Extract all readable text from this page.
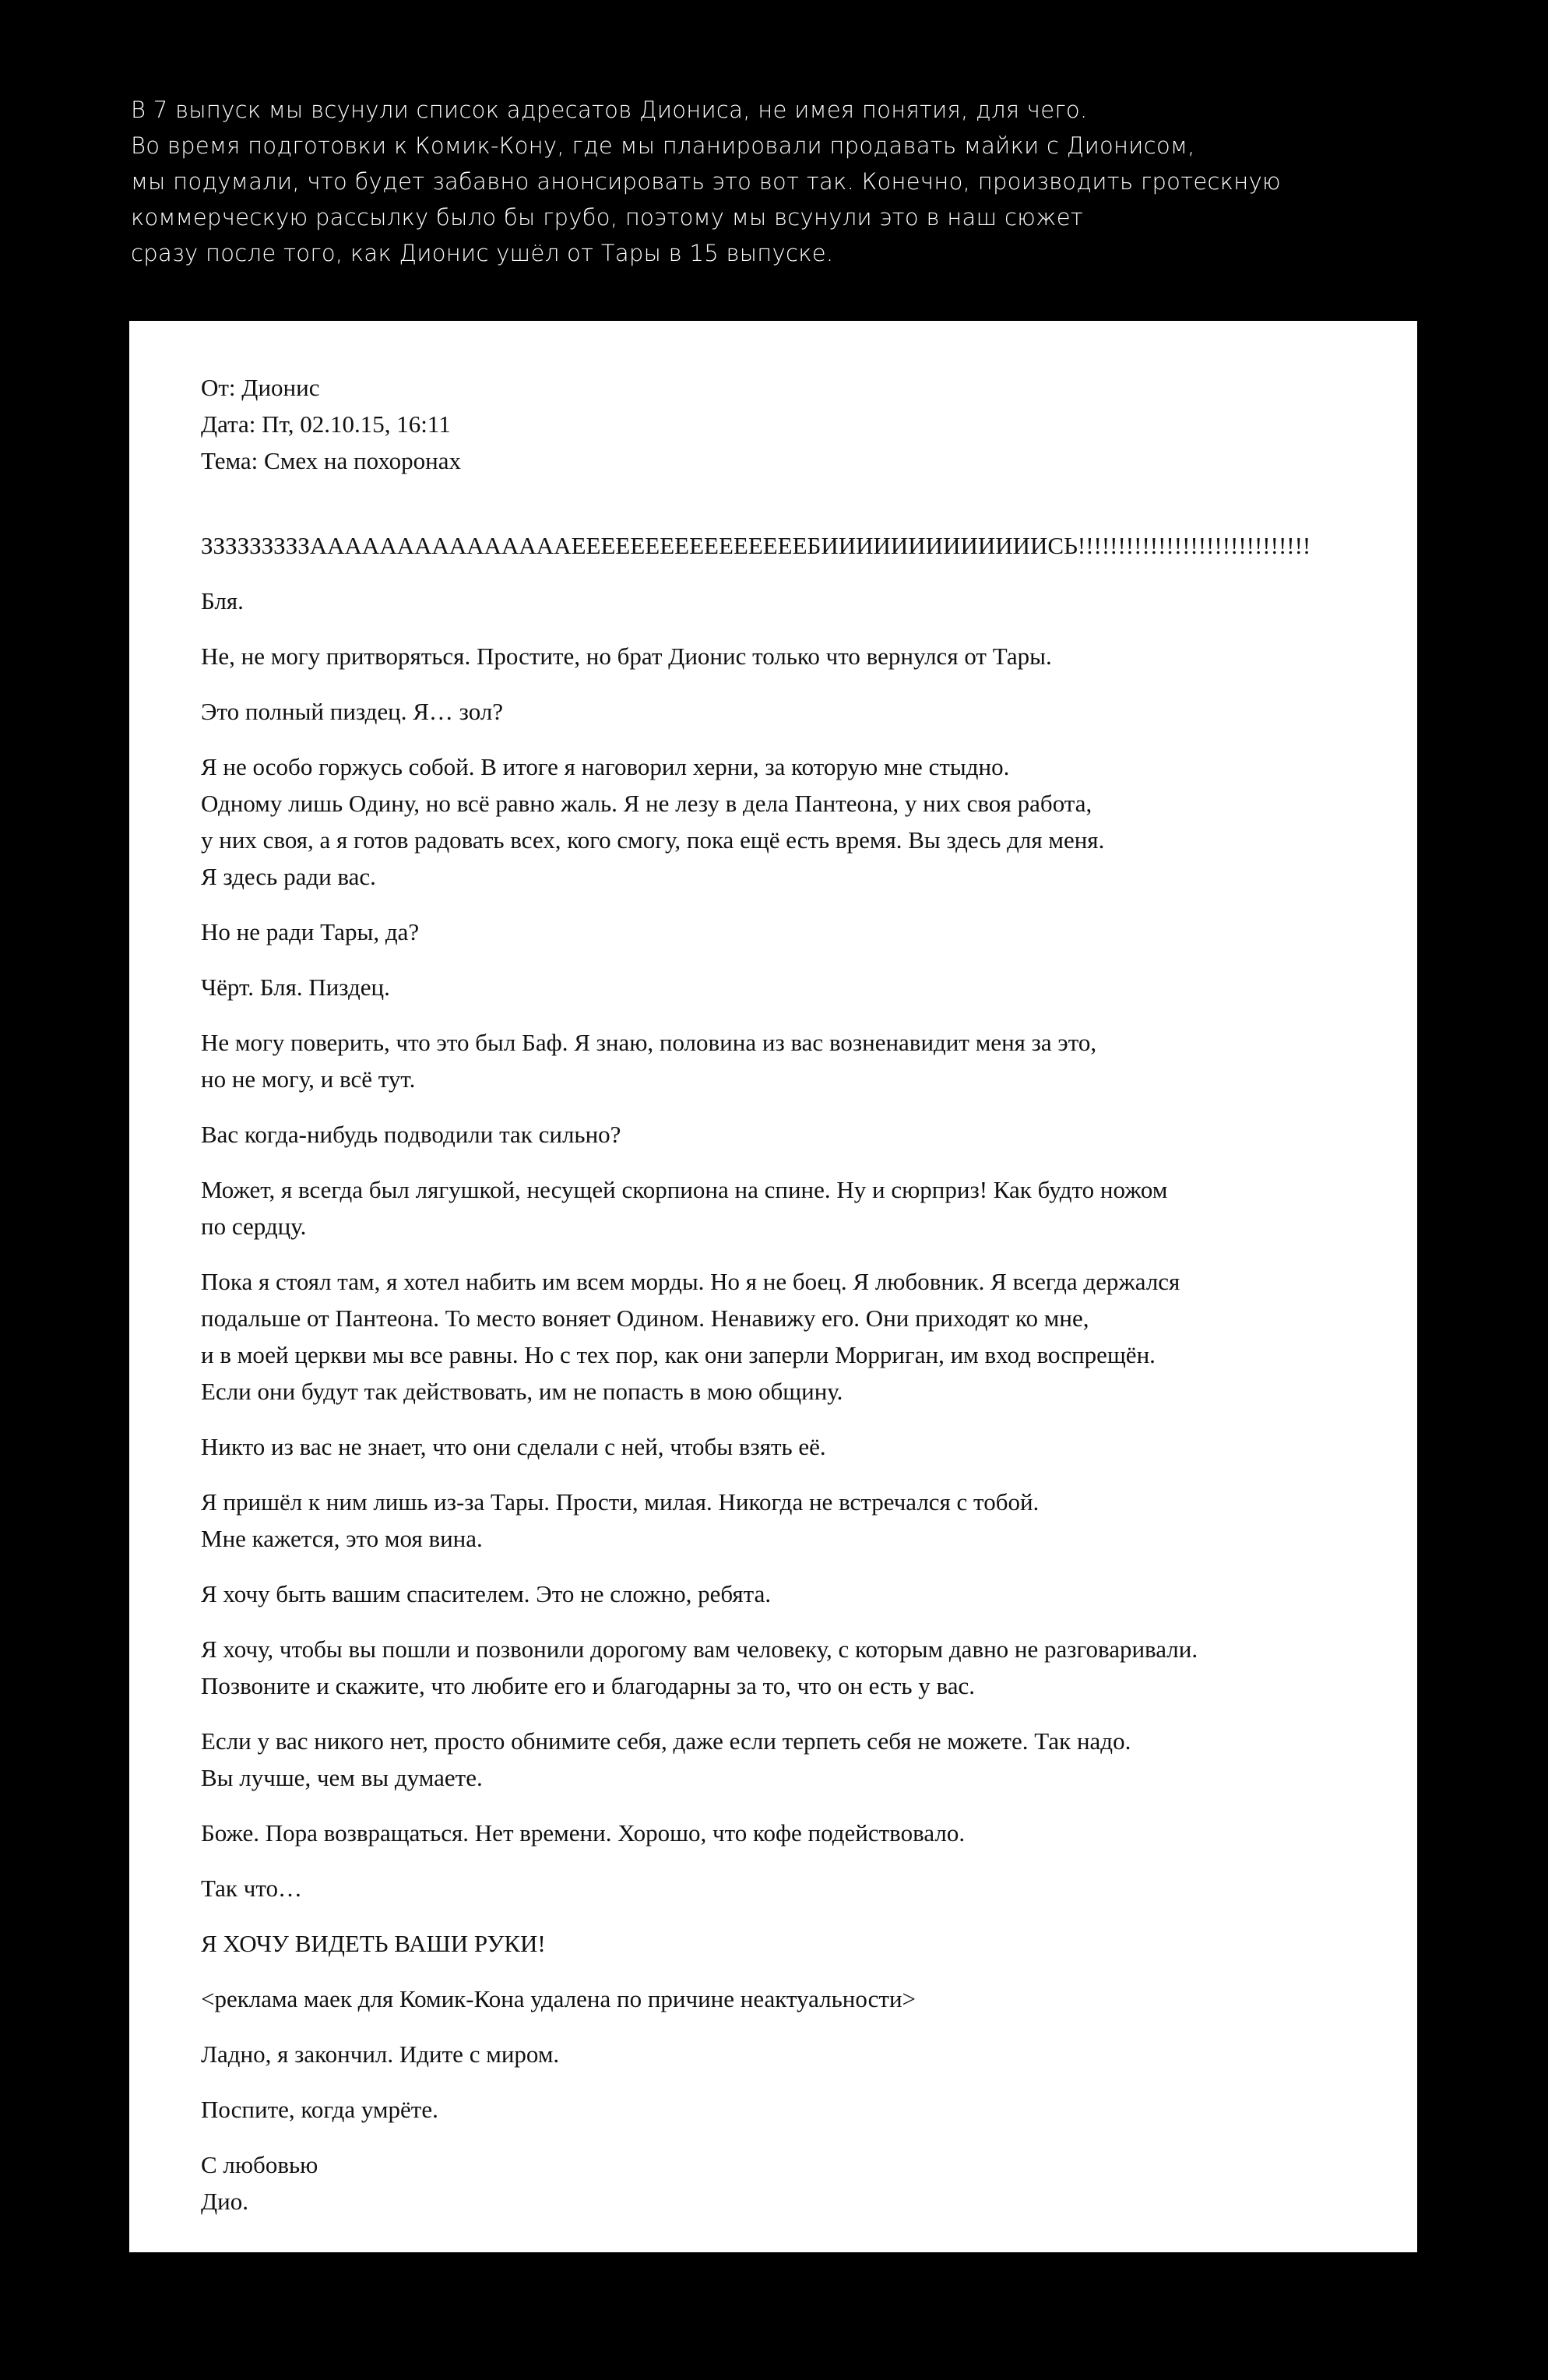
В 7 выпуск мы всунули список адресатов Диониса, не имея понятия, для чего.
Во время подготовки к Комик-Кону, где мы планировали продавать майки с Дионисом,
мы подумали, что будет забавно анонсировать это вот так. Конечно, производить гротескную
коммерческую рассылку было бы грубо, поэтому мы всунули это в наш сюжет
сразу после того, как Дионис ушёл от Тары в 15 выпуске.
От: Дионис
Дата: Пт, 02.10.15, 16:11
Тема: Смех на похоронах
ЗЗЗЗЗЗЗЗЗАААААААААААААААЕЕЕЕЕЕЕЕЕЕЕЕЕЕЕЕБИИИИИИИИИИИИИСЬ!!!!!!!!!!!!!!!!!!!!!!!!!!!!!
Бля.
Не, не могу притворяться. Простите, но брат Дионис только что вернулся от Тары.
Это полный пиздец. Я… зол?
Я не особо горжусь собой. В итоге я наговорил херни, за которую мне стыдно.
Одному лишь Одину, но всё равно жаль. Я не лезу в дела Пантеона, у них своя работа,
у них своя, а я готов радовать всех, кого смогу, пока ещё есть время. Вы здесь для меня.
Я здесь ради вас.
Но не ради Тары, да?
Чёрт. Бля. Пиздец.
Не могу поверить, что это был Баф. Я знаю, половина из вас возненавидит меня за это,
но не могу, и всё тут.
Вас когда-нибудь подводили так сильно?
Может, я всегда был лягушкой, несущей скорпиона на спине. Ну и сюрприз! Как будто ножом
по сердцу.
Пока я стоял там, я хотел набить им всем морды. Но я не боец. Я любовник. Я всегда держался
подальше от Пантеона. То место воняет Одином. Ненавижу его. Они приходят ко мне,
и в моей церкви мы все равны. Но с тех пор, как они заперли Морриган, им вход воспрещён.
Если они будут так действовать, им не попасть в мою общину.
Никто из вас не знает, что они сделали с ней, чтобы взять её.
Я пришёл к ним лишь из-за Тары. Прости, милая. Никогда не встречался с тобой.
Мне кажется, это моя вина.
Я хочу быть вашим спасителем. Это не сложно, ребята.
Я хочу, чтобы вы пошли и позвонили дорогому вам человеку, с которым давно не разговаривали.
Позвоните и скажите, что любите его и благодарны за то, что он есть у вас.
Если у вас никого нет, просто обнимите себя, даже если терпеть себя не можете. Так надо.
Вы лучше, чем вы думаете.
Боже. Пора возвращаться. Нет времени. Хорошо, что кофе подействовало.
Так что…
Я ХОЧУ ВИДЕТЬ ВАШИ РУКИ!
<реклама маек для Комик-Кона удалена по причине неактуальности>
Ладно, я закончил. Идите с миром.
Поспите, когда умрёте.
С любовью
Дио.
